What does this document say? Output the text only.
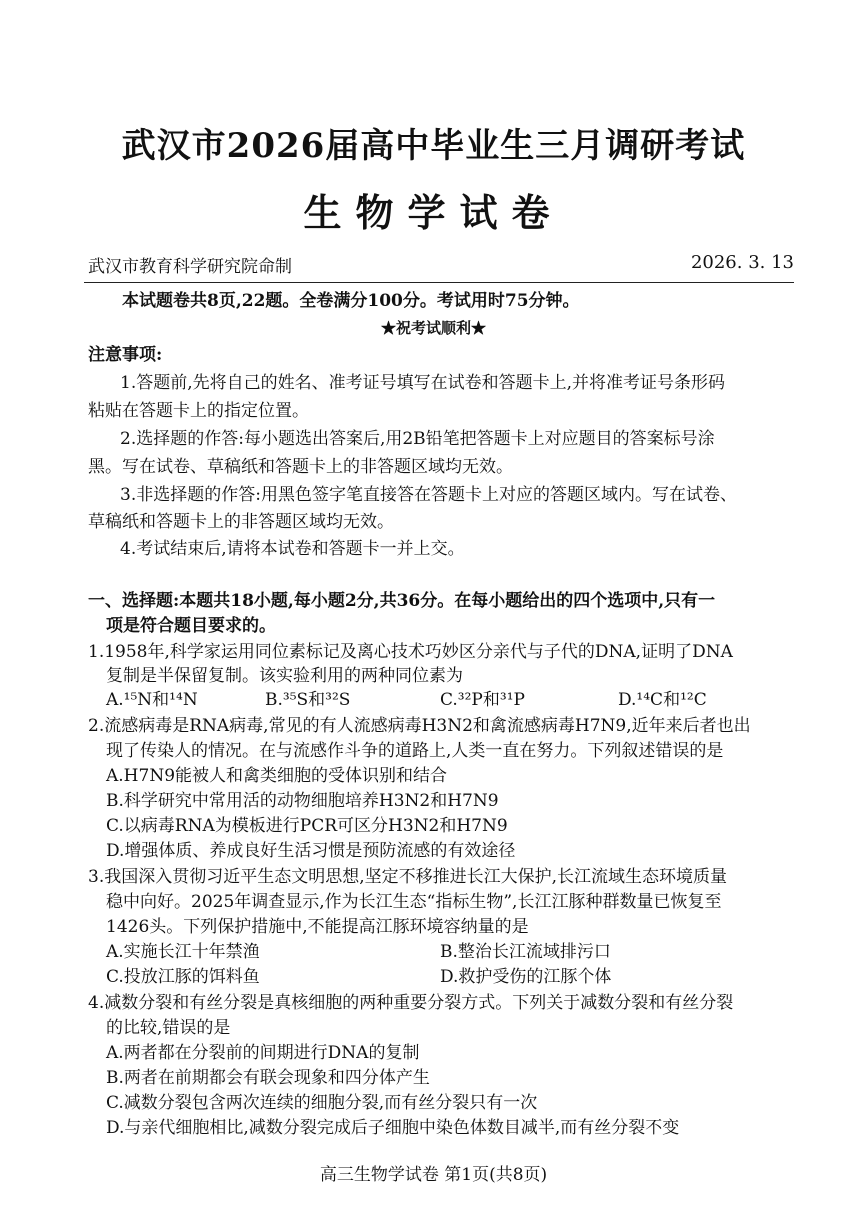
武汉市2026届高中毕业生三月调研考试
生物学试卷
武汉市教育科学研究院命制	2026. 3. 13
本试题卷共8页,22题。全卷满分100分。考试用时75分钟。
★祝考试顺利★
注意事项:
1.答题前,先将自己的姓名、准考证号填写在试卷和答题卡上,并将准考证号条形码
粘贴在答题卡上的指定位置。
2.选择题的作答:每小题选出答案后,用2B铅笔把答题卡上对应题目的答案标号涂
黑。写在试卷、草稿纸和答题卡上的非答题区域均无效。
3.非选择题的作答:用黑色签字笔直接答在答题卡上对应的答题区域内。写在试卷、
草稿纸和答题卡上的非答题区域均无效。
4.考试结束后,请将本试卷和答题卡一并上交。
一、选择题:本题共18小题,每小题2分,共36分。在每小题给出的四个选项中,只有一
项是符合题目要求的。
1.1958年,科学家运用同位素标记及离心技术巧妙区分亲代与子代的DNA,证明了DNA
复制是半保留复制。该实验利用的两种同位素为
A.¹⁵N和¹⁴N	B.³⁵S和³²S	C.³²P和³¹P	D.¹⁴C和¹²C
2.流感病毒是RNA病毒,常见的有人流感病毒H3N2和禽流感病毒H7N9,近年来后者也出
现了传染人的情况。在与流感作斗争的道路上,人类一直在努力。下列叙述错误的是
A.H7N9能被人和禽类细胞的受体识别和结合
B.科学研究中常用活的动物细胞培养H3N2和H7N9
C.以病毒RNA为模板进行PCR可区分H3N2和H7N9
D.增强体质、养成良好生活习惯是预防流感的有效途径
3.我国深入贯彻习近平生态文明思想,坚定不移推进长江大保护,长江流域生态环境质量
稳中向好。2025年调查显示,作为长江生态“指标生物”,长江江豚种群数量已恢复至
1426头。下列保护措施中,不能提高江豚环境容纳量的是
A.实施长江十年禁渔	B.整治长江流域排污口
C.投放江豚的饵料鱼	D.救护受伤的江豚个体
4.减数分裂和有丝分裂是真核细胞的两种重要分裂方式。下列关于减数分裂和有丝分裂
的比较,错误的是
A.两者都在分裂前的间期进行DNA的复制
B.两者在前期都会有联会现象和四分体产生
C.减数分裂包含两次连续的细胞分裂,而有丝分裂只有一次
D.与亲代细胞相比,减数分裂完成后子细胞中染色体数目减半,而有丝分裂不变
高三生物学试卷 第1页(共8页)
